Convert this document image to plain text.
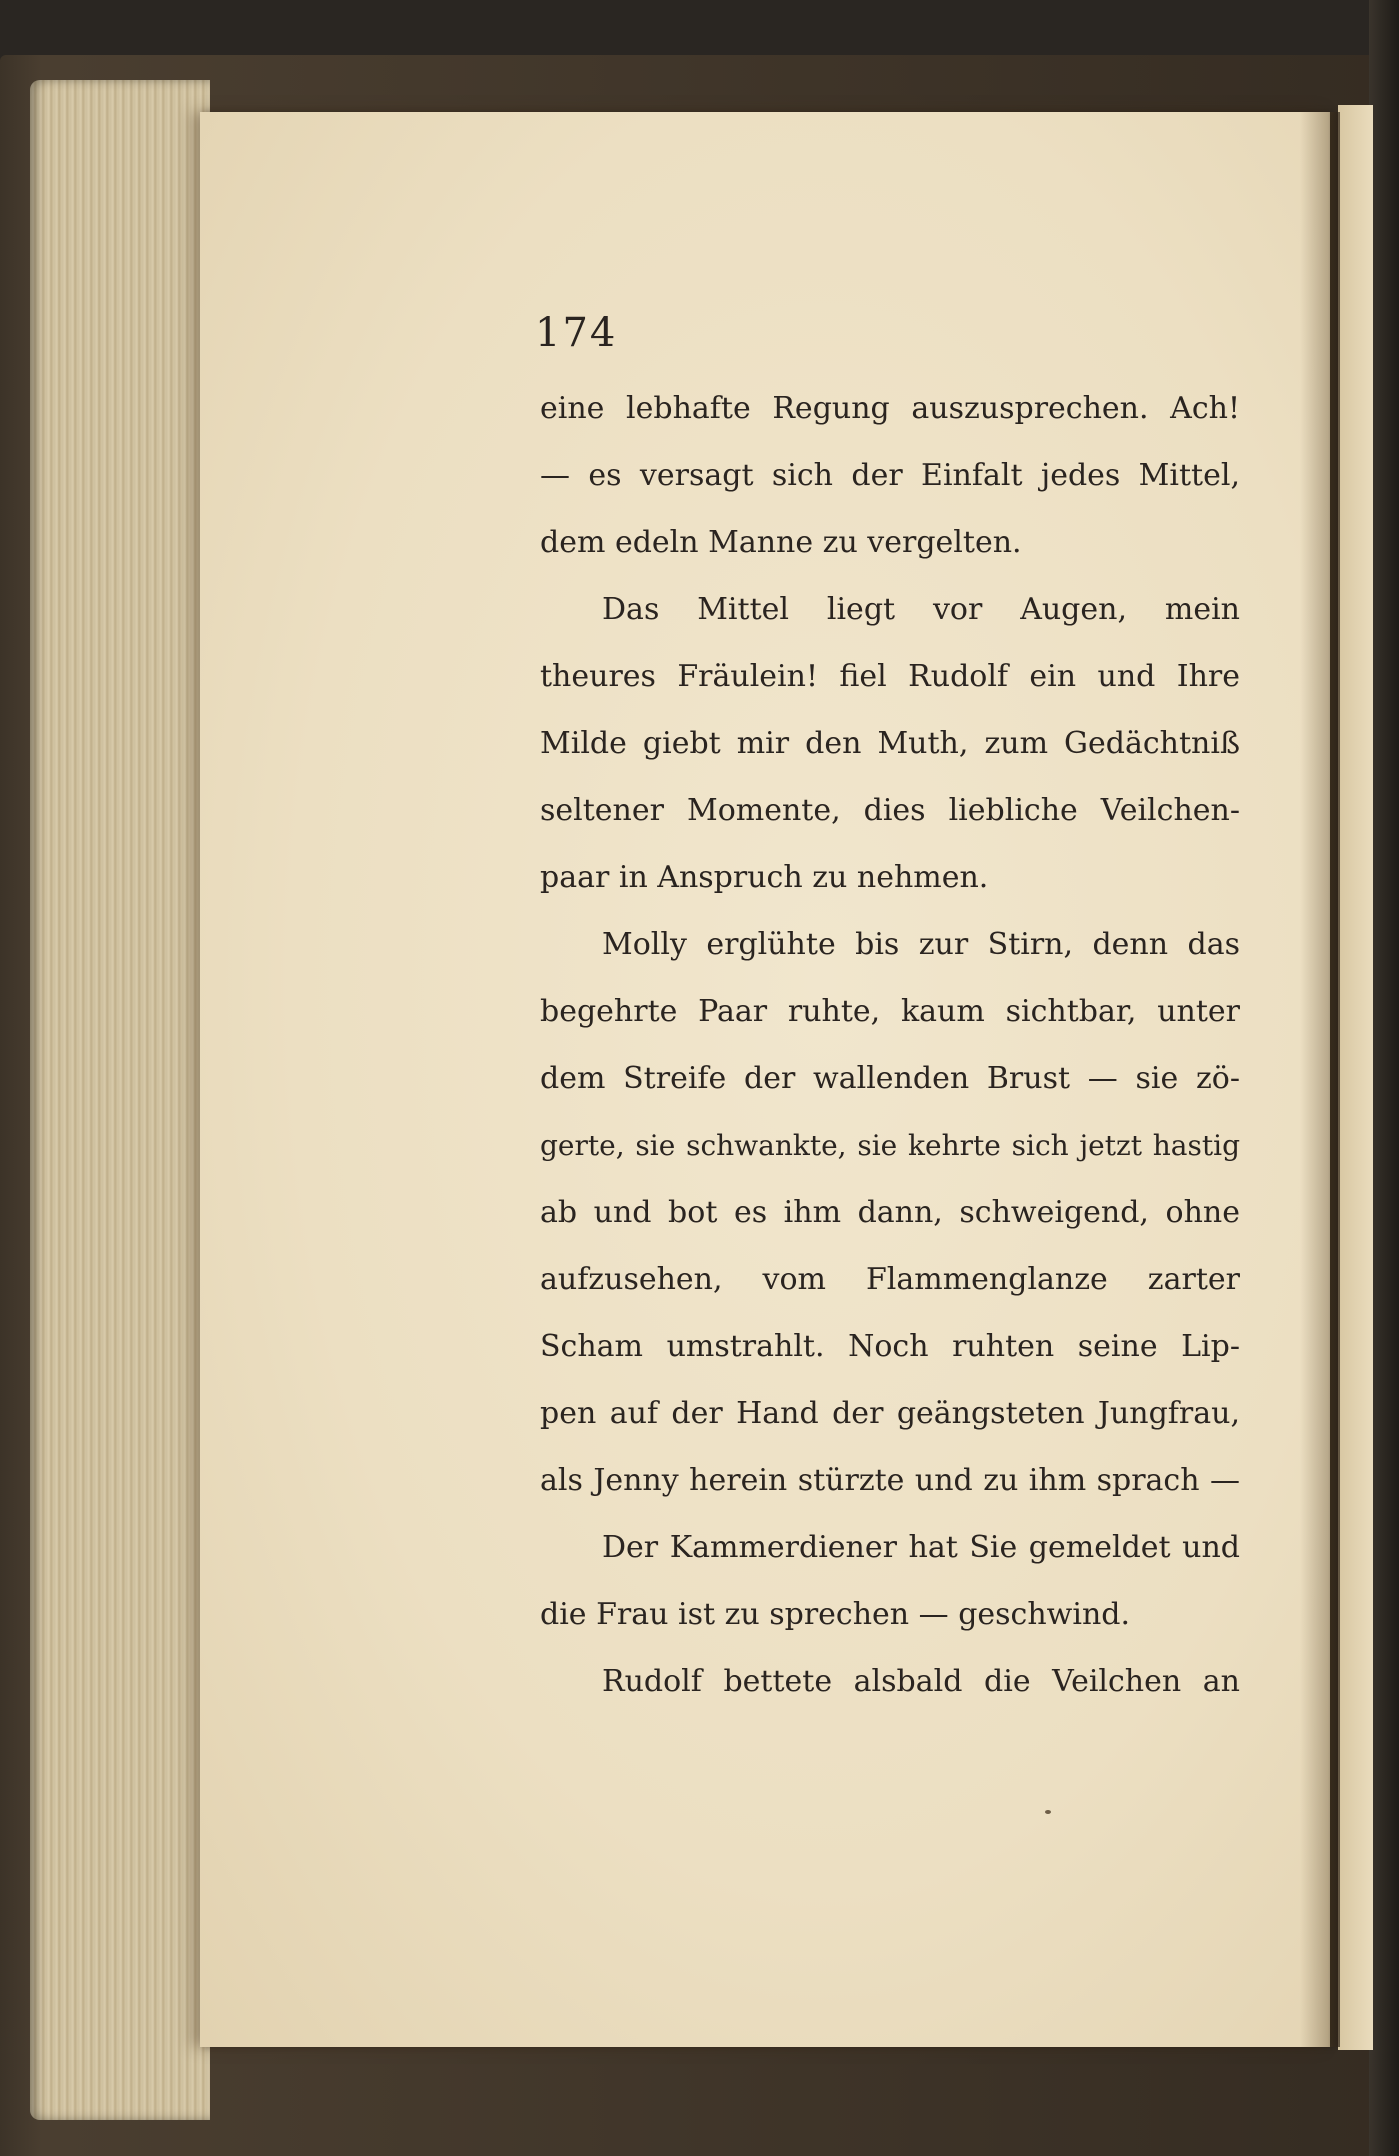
174
eine lebhafte Regung auszusprechen. Ach!
— es versagt sich der Einfalt jedes Mittel,
dem edeln Manne zu vergelten.
Das Mittel liegt vor Augen, mein
theures Fräulein! fiel Rudolf ein und Ihre
Milde giebt mir den Muth, zum Gedächtniß
seltener Momente, dies liebliche Veilchen-
paar in Anspruch zu nehmen.
Molly erglühte bis zur Stirn, denn das
begehrte Paar ruhte, kaum sichtbar, unter
dem Streife der wallenden Brust — sie zö-
gerte, sie schwankte, sie kehrte sich jetzt hastig
ab und bot es ihm dann, schweigend, ohne
aufzusehen, vom Flammenglanze zarter
Scham umstrahlt. Noch ruhten seine Lip-
pen auf der Hand der geängsteten Jungfrau,
als Jenny herein stürzte und zu ihm sprach —
Der Kammerdiener hat Sie gemeldet und
die Frau ist zu sprechen — geschwind.
Rudolf bettete alsbald die Veilchen an
